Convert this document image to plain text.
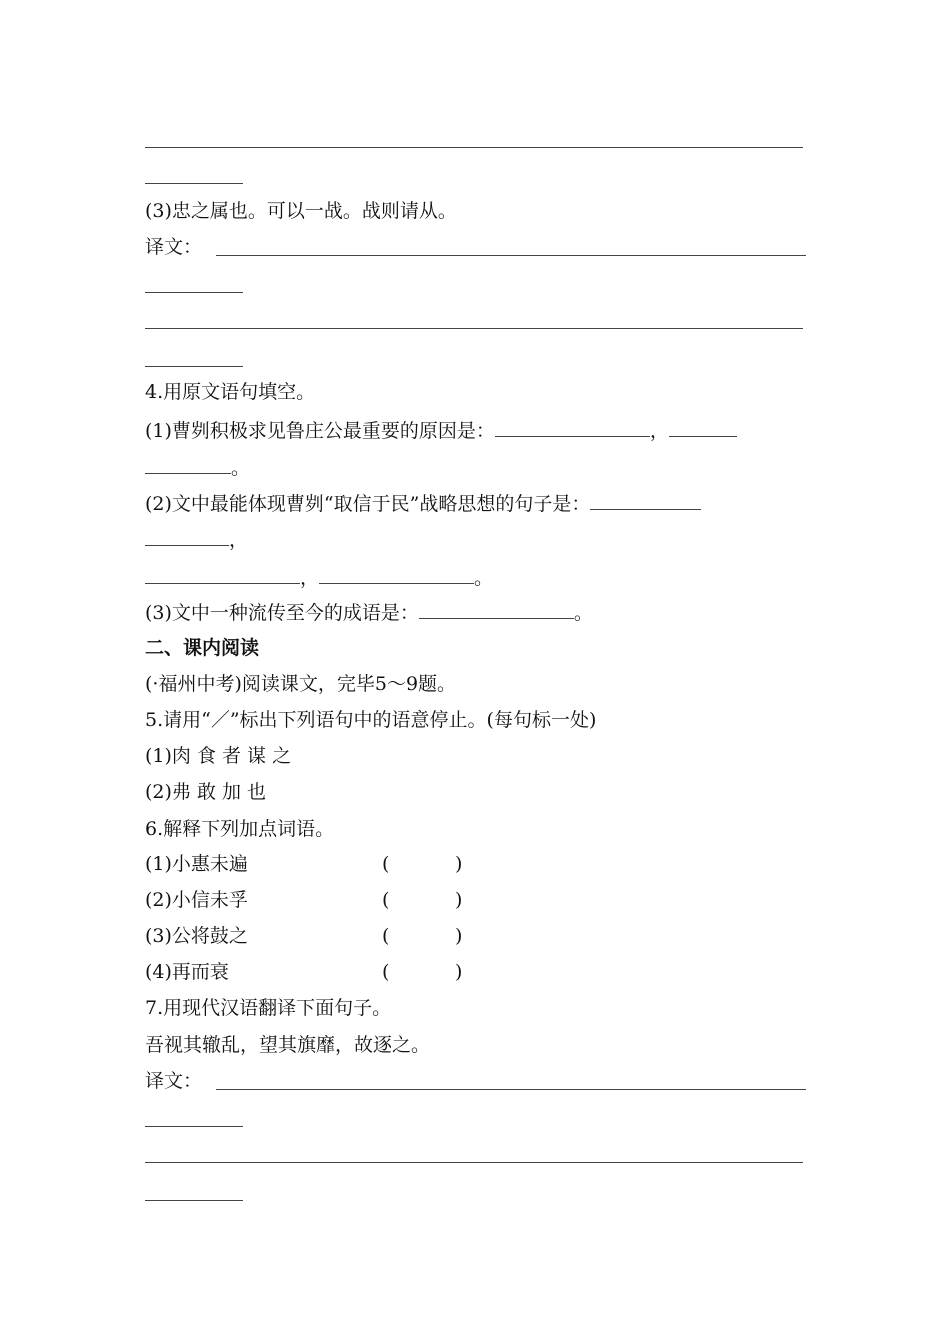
(3)忠之属也。可以一战。战则请从。
译文：
4.用原文语句填空。
(1)曹刿积极求见鲁庄公最重要的原因是：	，
。
(2)文中最能体现曹刿“取信于民”战略思想的句子是：
，
，	。
(3)文中一种流传至今的成语是：	。
二、课内阅读
(·福州中考)阅读课文，完毕5～9题。
5.请用“／”标出下列语句中的语意停止。(每句标一处)
(1)肉 食 者 谋 之
(2)弗 敢 加 也
6.解释下列加点词语。
(1)小惠未遍	(	)
(2)小信未孚	(	)
(3)公将鼓之	(	)
(4)再而衰	(	)
7.用现代汉语翻译下面句子。
吾视其辙乱，望其旗靡，故逐之。
译文：
